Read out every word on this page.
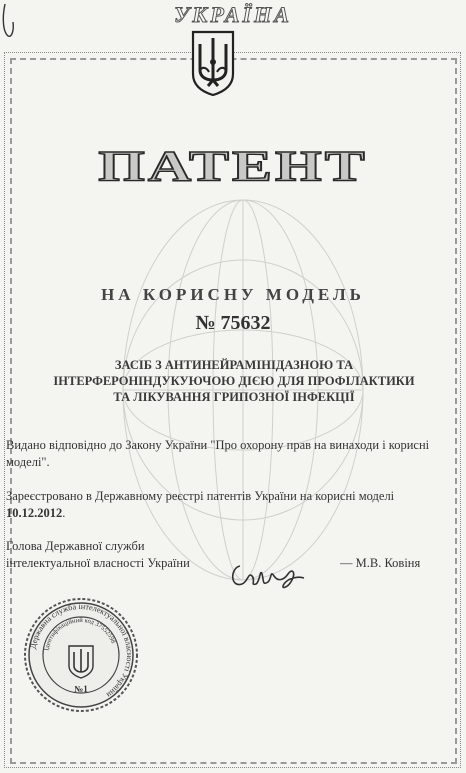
УКРАЇНА
ПАТЕНТ
НА КОРИСНУ МОДЕЛЬ
№ 75632
ЗАСІБ З АНТИНЕЙРАМІНІДАЗНОЮ ТА
ІНТЕРФЕРОНІНДУКУЮЧОЮ ДІЄЮ ДЛЯ ПРОФІЛАКТИКИ
ТА ЛІКУВАННЯ ГРИПОЗНОЇ ІНФЕКЦІЇ
Видано відповідно до Закону України "Про охорону прав на винаходи і корисні моделі".
Зареєстровано в Державному реєстрі патентів України на корисні моделі 10.12.2012.
Голова Державної служби
інтелектуальної власності України	— М.В. Ковіня
Державна служба інтелектуальної власності України
Ідентифікаційний код 37552598
№1
